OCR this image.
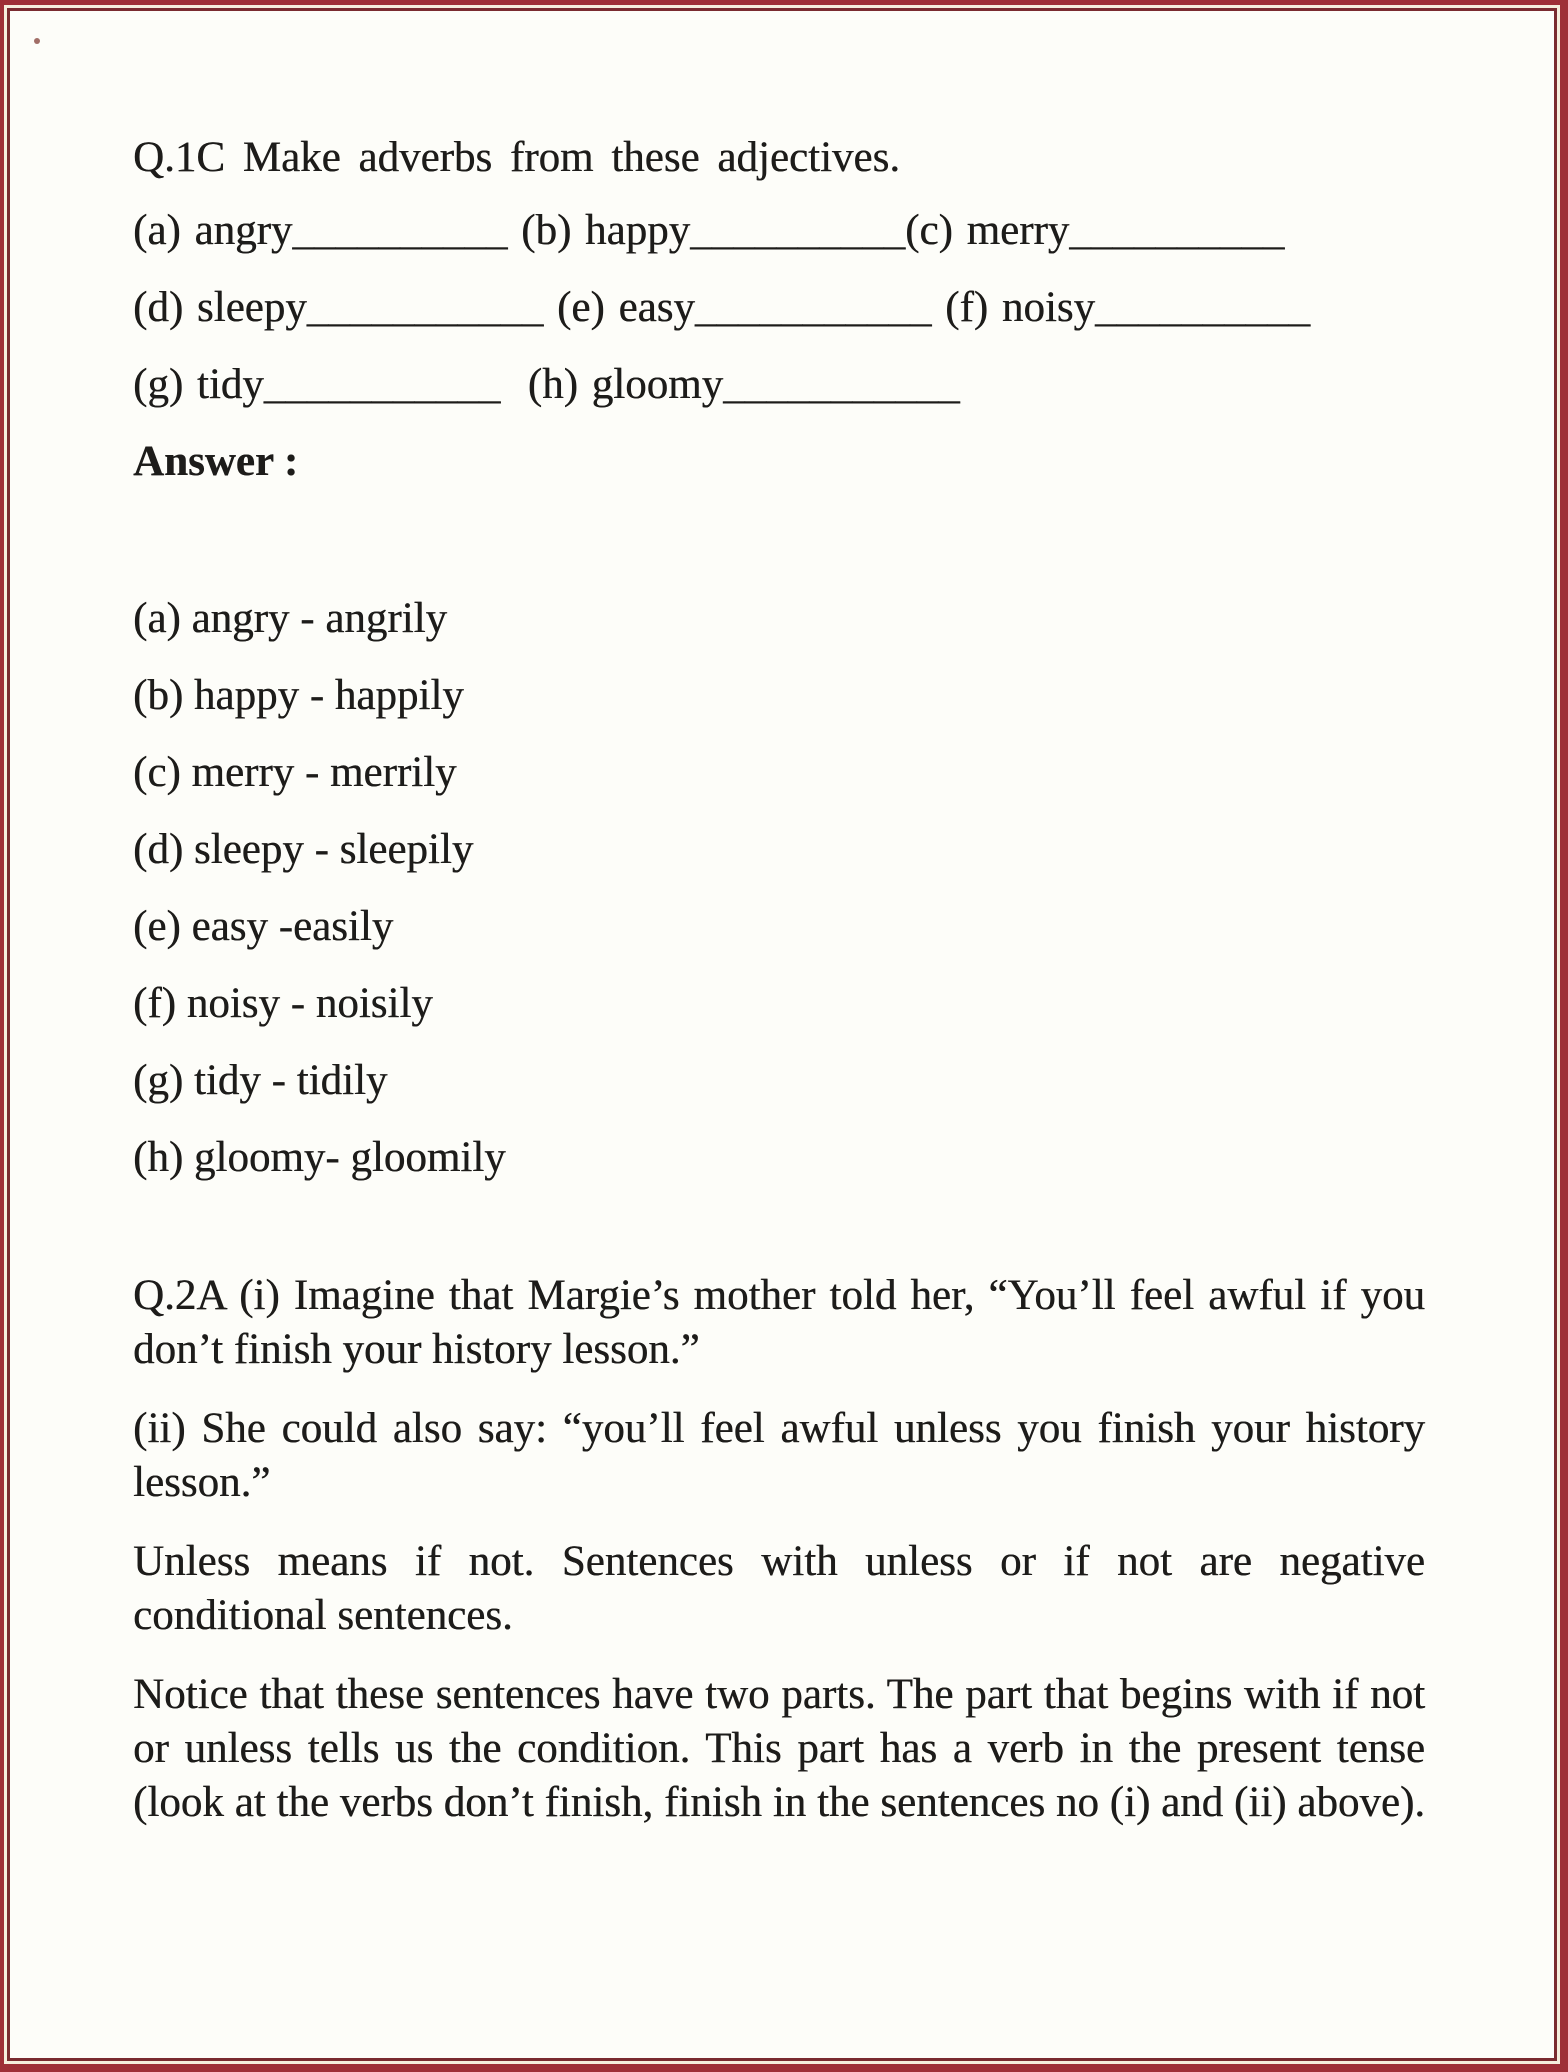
Q.1C Make adverbs from these adjectives.
(a) angry__________ (b) happy__________(c) merry__________
(d) sleepy___________ (e) easy___________ (f) noisy__________
(g) tidy___________  (h) gloomy___________
Answer :
(a) angry - angrily
(b) happy - happily
(c) merry - merrily
(d) sleepy - sleepily
(e) easy -easily
(f) noisy - noisily
(g) tidy - tidily
(h) gloomy- gloomily
Q.2A (i) Imagine that Margie’s mother told her, “You’ll feel awful if you
don’t finish your history lesson.”
(ii) She could also say: “you’ll feel awful unless you finish your history
lesson.”
Unless means if not. Sentences with unless or if not are negative
conditional sentences.
Notice that these sentences have two parts. The part that begins with if not
or unless tells us the condition. This part has a verb in the present tense
(look at the verbs don’t finish, finish in the sentences no (i) and (ii) above).
